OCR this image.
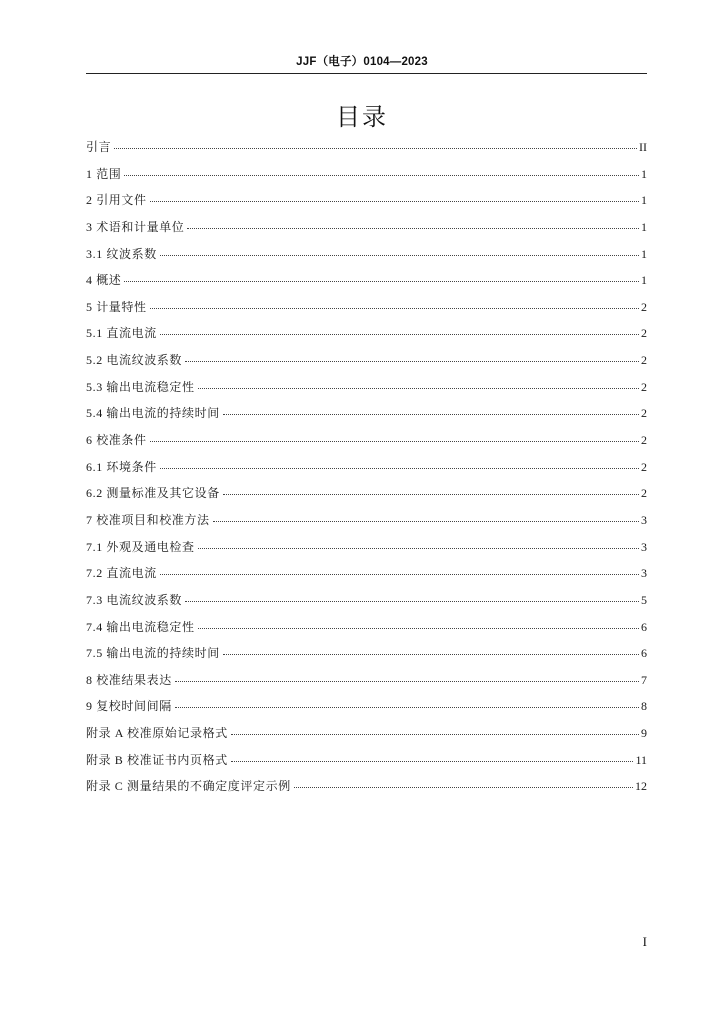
JJF（电子）0104—2023
目录
引言	II
1 范围	1
2 引用文件	1
3 术语和计量单位	1
3.1 纹波系数	1
4 概述	1
5 计量特性	2
5.1 直流电流	2
5.2 电流纹波系数	2
5.3 输出电流稳定性	2
5.4 输出电流的持续时间	2
6 校准条件	2
6.1 环境条件	2
6.2 测量标准及其它设备	2
7 校准项目和校准方法	3
7.1 外观及通电检查	3
7.2 直流电流	3
7.3 电流纹波系数	5
7.4 输出电流稳定性	6
7.5 输出电流的持续时间	6
8 校准结果表达	7
9 复校时间间隔	8
附录 A 校准原始记录格式	9
附录 B 校准证书内页格式	11
附录 C 测量结果的不确定度评定示例	12
I
